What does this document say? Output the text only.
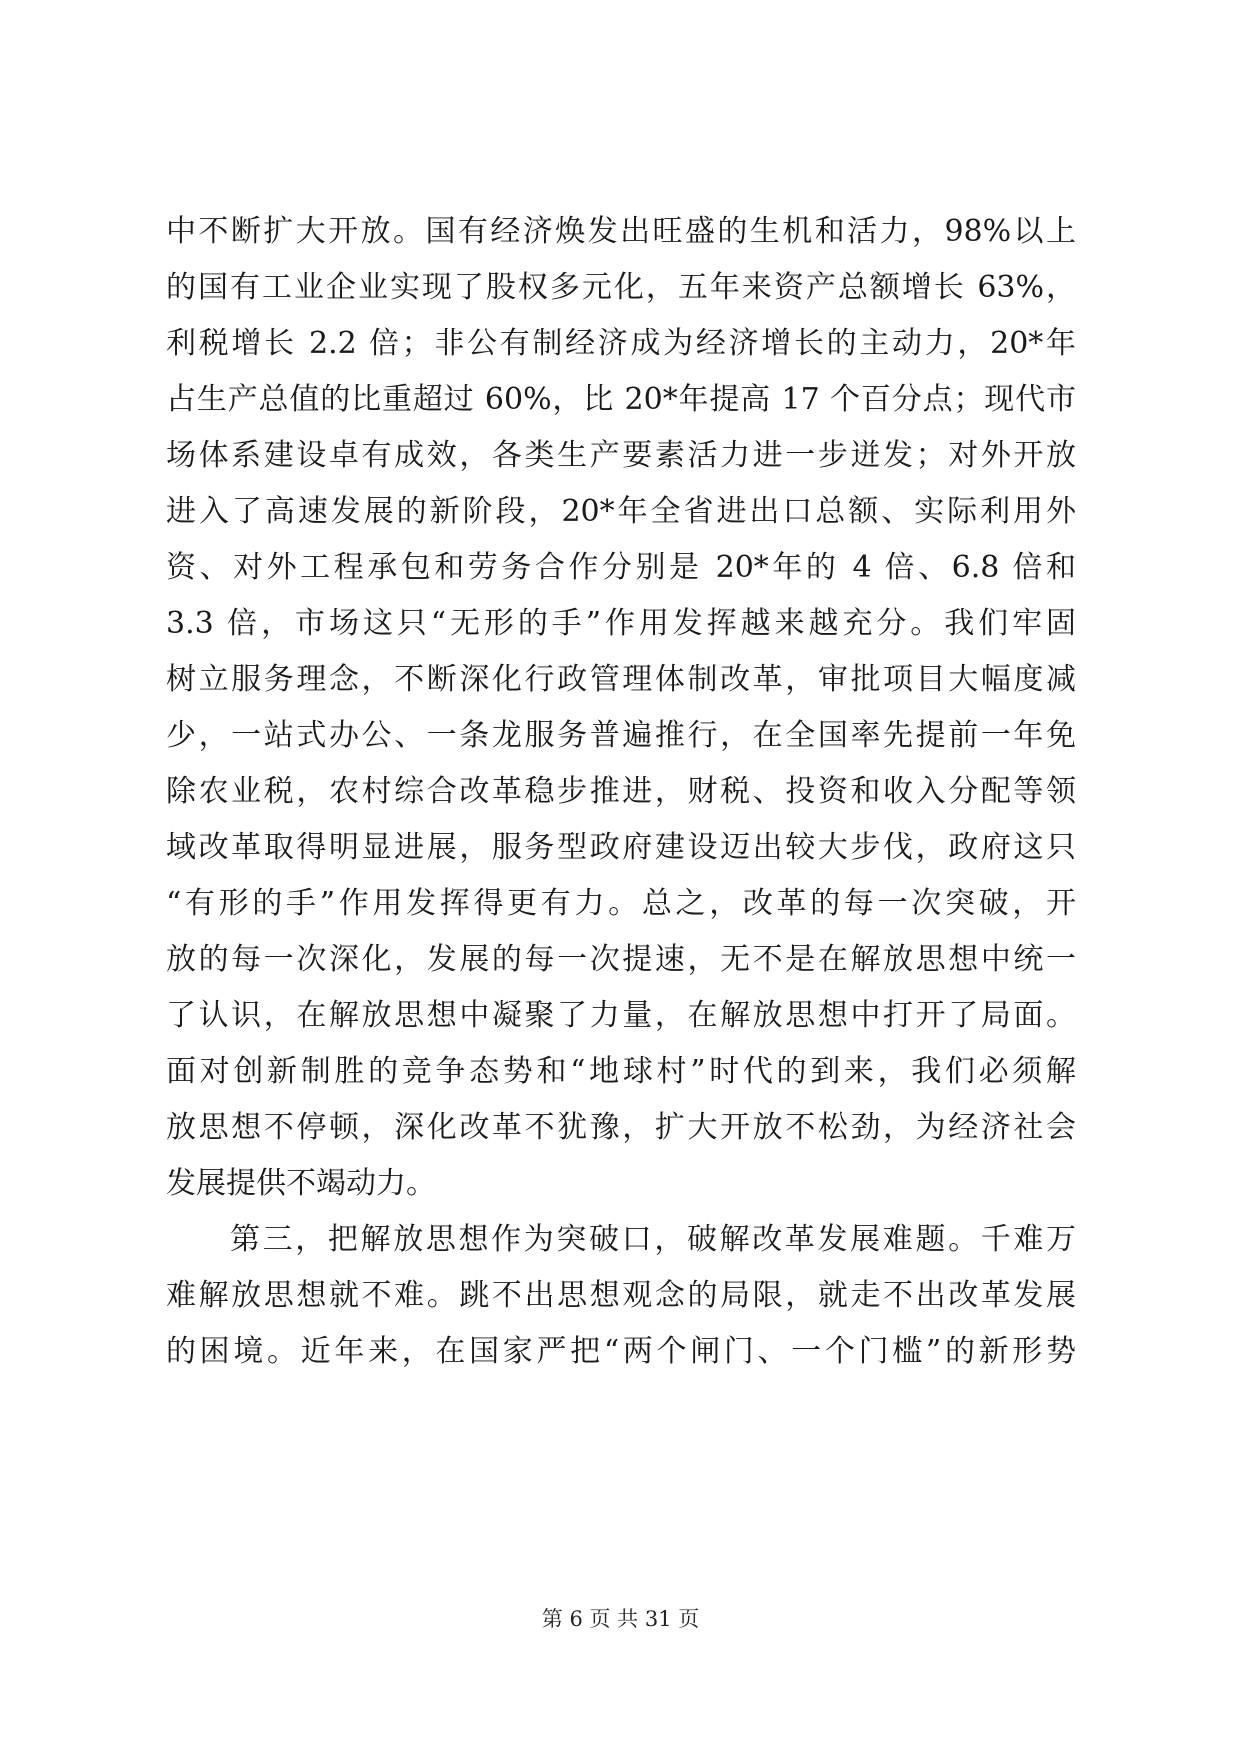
中不断扩大开放。国有经济焕发出旺盛的生机和活力，98%以上
的国有工业企业实现了股权多元化，五年来资产总额增长 63%，
利税增长 2.2 倍；非公有制经济成为经济增长的主动力，20*年
占生产总值的比重超过 60%，比 20*年提高 17 个百分点；现代市
场体系建设卓有成效，各类生产要素活力进一步迸发；对外开放
进入了高速发展的新阶段，20*年全省进出口总额、实际利用外
资、对外工程承包和劳务合作分别是 20*年的 4 倍、6.8 倍和
3.3 倍，市场这只“无形的手”作用发挥越来越充分。我们牢固
树立服务理念，不断深化行政管理体制改革，审批项目大幅度减
少，一站式办公、一条龙服务普遍推行，在全国率先提前一年免
除农业税，农村综合改革稳步推进，财税、投资和收入分配等领
域改革取得明显进展，服务型政府建设迈出较大步伐，政府这只
“有形的手”作用发挥得更有力。总之，改革的每一次突破，开
放的每一次深化，发展的每一次提速，无不是在解放思想中统一
了认识，在解放思想中凝聚了力量，在解放思想中打开了局面。
面对创新制胜的竞争态势和“地球村”时代的到来，我们必须解
放思想不停顿，深化改革不犹豫，扩大开放不松劲，为经济社会
发展提供不竭动力。
第三，把解放思想作为突破口，破解改革发展难题。千难万
难解放思想就不难。跳不出思想观念的局限，就走不出改革发展
的困境。近年来，在国家严把“两个闸门、一个门槛”的新形势
第 6 页 共 31 页
